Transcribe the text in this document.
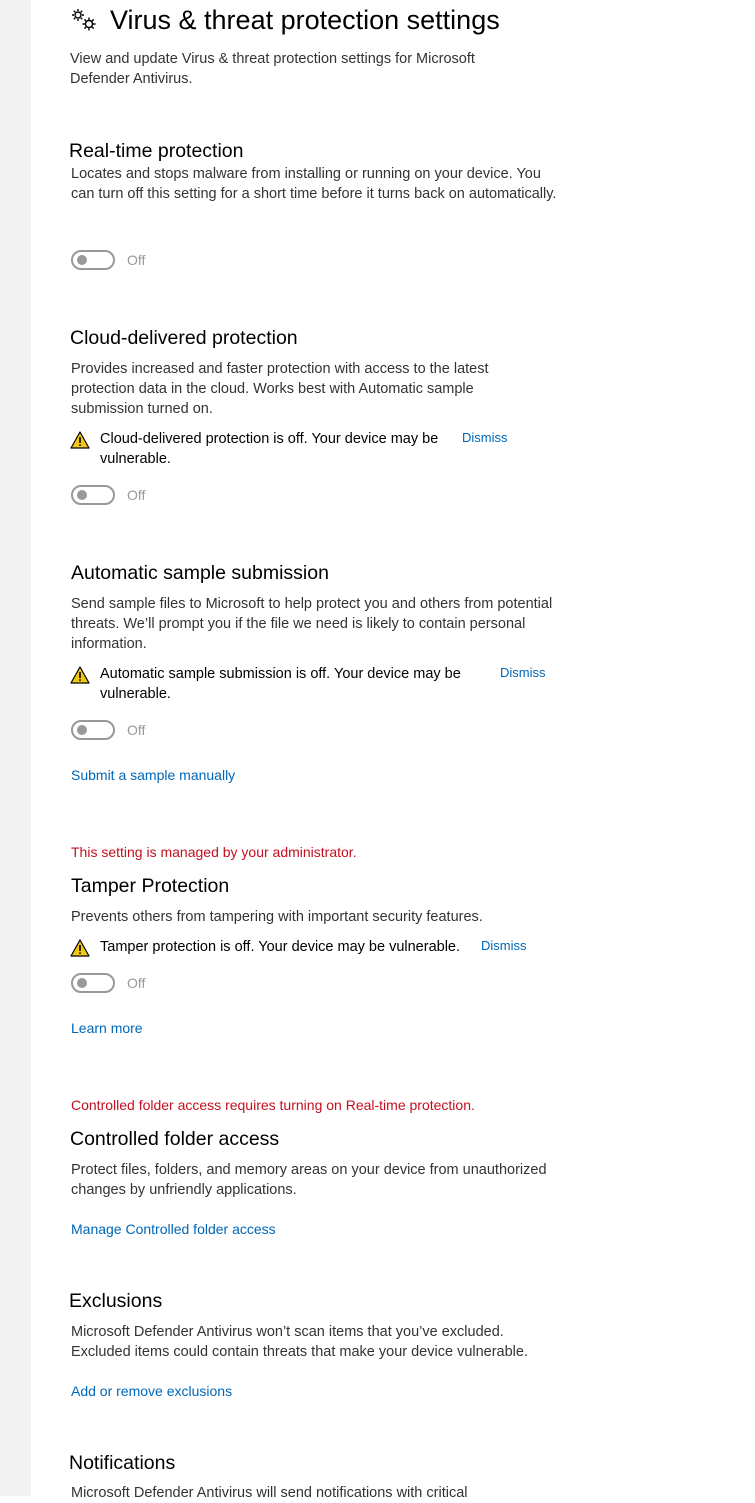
Virus & threat protection settings
View and update Virus & threat protection settings for Microsoft Defender Antivirus.
Real-time protection
Locates and stops malware from installing or running on your device. You can turn off this setting for a short time before it turns back on automatically.
Off
Cloud-delivered protection
Provides increased and faster protection with access to the latest protection data in the cloud. Works best with Automatic sample submission turned on.
Cloud-delivered protection is off. Your device may be vulnerable.
Dismiss
Off
Automatic sample submission
Send sample files to Microsoft to help protect you and others from potential threats. We’ll prompt you if the file we need is likely to contain personal information.
Automatic sample submission is off. Your device may be vulnerable.
Dismiss
Off
Submit a sample manually
This setting is managed by your administrator.
Tamper Protection
Prevents others from tampering with important security features.
Tamper protection is off. Your device may be vulnerable. Dismiss
Off
Learn more
Controlled folder access requires turning on Real-time protection.
Controlled folder access
Protect files, folders, and memory areas on your device from unauthorized changes by unfriendly applications.
Manage Controlled folder access
Exclusions
Microsoft Defender Antivirus won’t scan items that you’ve excluded. Excluded items could contain threats that make your device vulnerable.
Add or remove exclusions
Notifications
Microsoft Defender Antivirus will send notifications with critical
